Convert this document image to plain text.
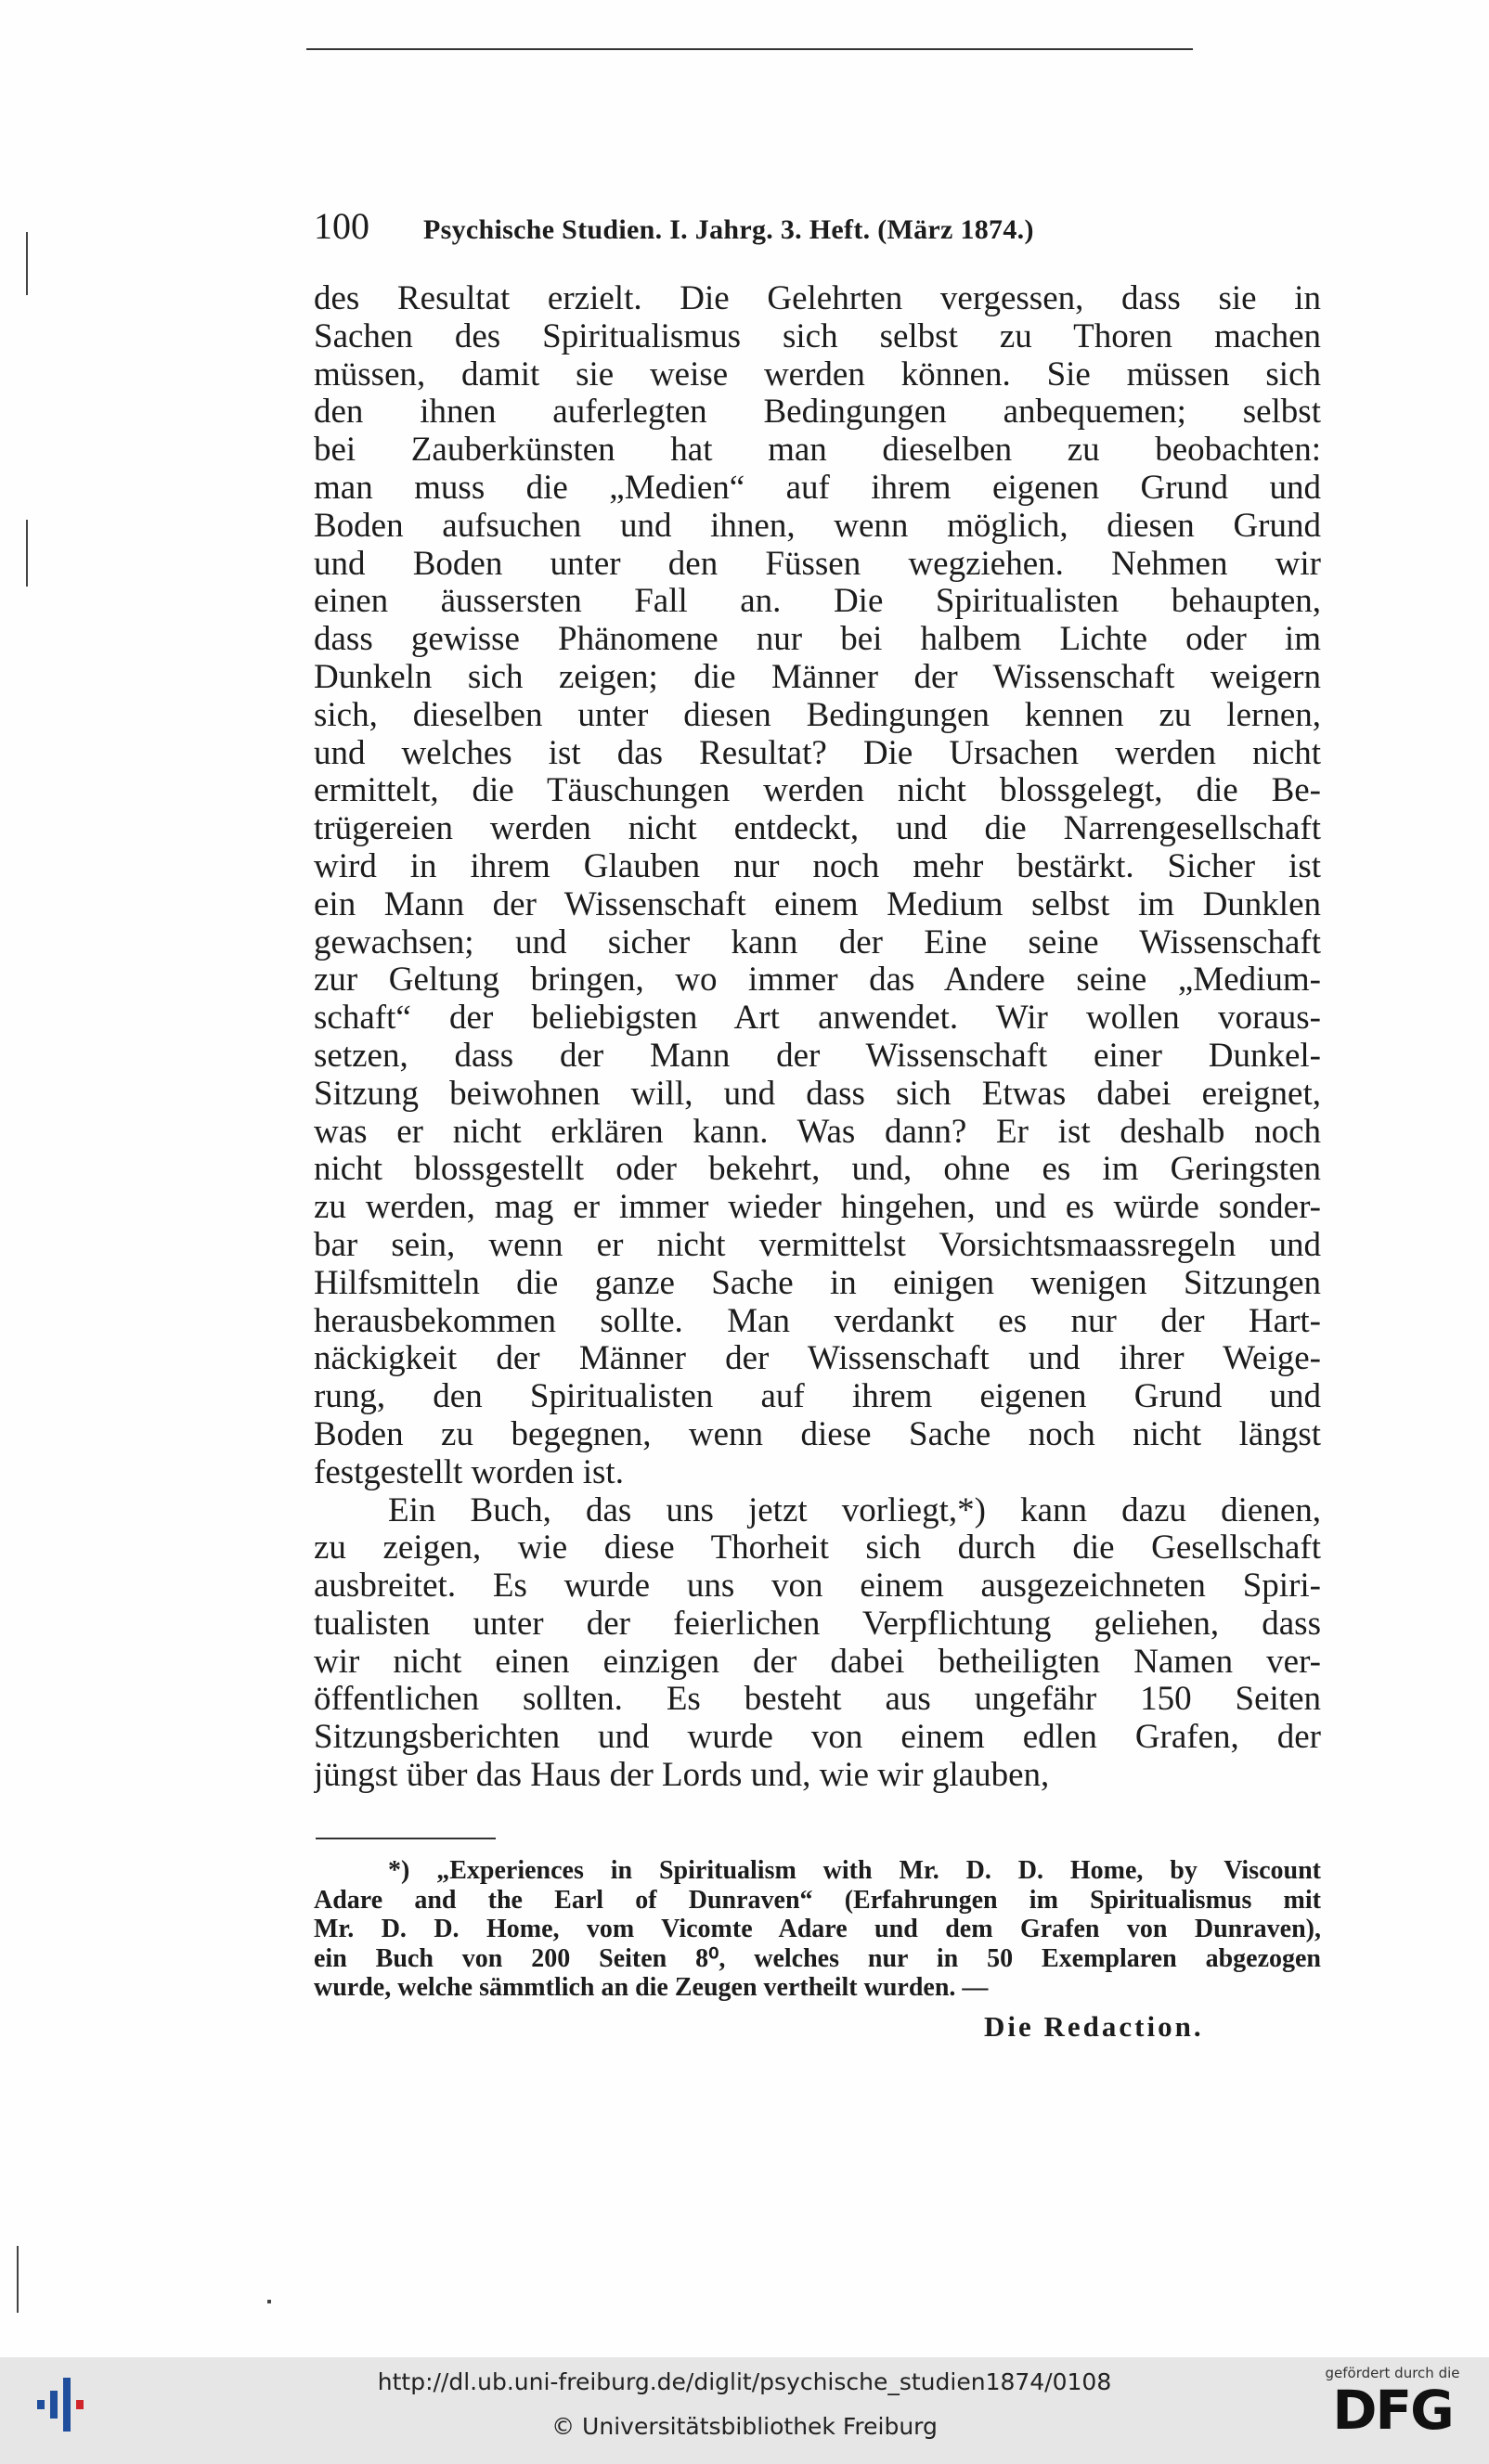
100 Psychische Studien. I. Jahrg. 3. Heft. (März 1874.)
des Resultat erzielt. Die Gelehrten vergessen, dass sie in
Sachen des Spiritualismus sich selbst zu Thoren machen
müssen, damit sie weise werden können. Sie müssen sich
den ihnen auferlegten Bedingungen anbequemen; selbst
bei Zauberkünsten hat man dieselben zu beobachten:
man muss die „Medien“ auf ihrem eigenen Grund und
Boden aufsuchen und ihnen, wenn möglich, diesen Grund
und Boden unter den Füssen wegziehen. Nehmen wir
einen äussersten Fall an. Die Spiritualisten behaupten,
dass gewisse Phänomene nur bei halbem Lichte oder im
Dunkeln sich zeigen; die Männer der Wissenschaft weigern
sich, dieselben unter diesen Bedingungen kennen zu lernen,
und welches ist das Resultat? Die Ursachen werden nicht
ermittelt, die Täuschungen werden nicht blossgelegt, die Be-
trügereien werden nicht entdeckt, und die Narrengesellschaft
wird in ihrem Glauben nur noch mehr bestärkt. Sicher ist
ein Mann der Wissenschaft einem Medium selbst im Dunklen
gewachsen; und sicher kann der Eine seine Wissenschaft
zur Geltung bringen, wo immer das Andere seine „Medium-
schaft“ der beliebigsten Art anwendet. Wir wollen voraus-
setzen, dass der Mann der Wissenschaft einer Dunkel-
Sitzung beiwohnen will, und dass sich Etwas dabei ereignet,
was er nicht erklären kann. Was dann? Er ist deshalb noch
nicht blossgestellt oder bekehrt, und, ohne es im Geringsten
zu werden, mag er immer wieder hingehen, und es würde sonder-
bar sein, wenn er nicht vermittelst Vorsichtsmaassregeln und
Hilfsmitteln die ganze Sache in einigen wenigen Sitzungen
herausbekommen sollte. Man verdankt es nur der Hart-
näckigkeit der Männer der Wissenschaft und ihrer Weige-
rung, den Spiritualisten auf ihrem eigenen Grund und
Boden zu begegnen, wenn diese Sache noch nicht längst
festgestellt worden ist.
Ein Buch, das uns jetzt vorliegt,*) kann dazu dienen,
zu zeigen, wie diese Thorheit sich durch die Gesellschaft
ausbreitet. Es wurde uns von einem ausgezeichneten Spiri-
tualisten unter der feierlichen Verpflichtung geliehen, dass
wir nicht einen einzigen der dabei betheiligten Namen ver-
öffentlichen sollten. Es besteht aus ungefähr 150 Seiten
Sitzungsberichten und wurde von einem edlen Grafen, der
jüngst über das Haus der Lords und, wie wir glauben,
*) „Experiences in Spiritualism with Mr. D. D. Home, by Viscount
Adare and the Earl of Dunraven“ (Erfahrungen im Spiritualismus mit
Mr. D. D. Home, vom Vicomte Adare und dem Grafen von Dunraven),
ein Buch von 200 Seiten 8⁰, welches nur in 50 Exemplaren abgezogen
wurde, welche sämmtlich an die Zeugen vertheilt wurden. —
Die Redaction.
http://dl.ub.uni-freiburg.de/diglit/psychische_studien1874/0108
© Universitätsbibliothek Freiburg
gefördert durch die
DFG
